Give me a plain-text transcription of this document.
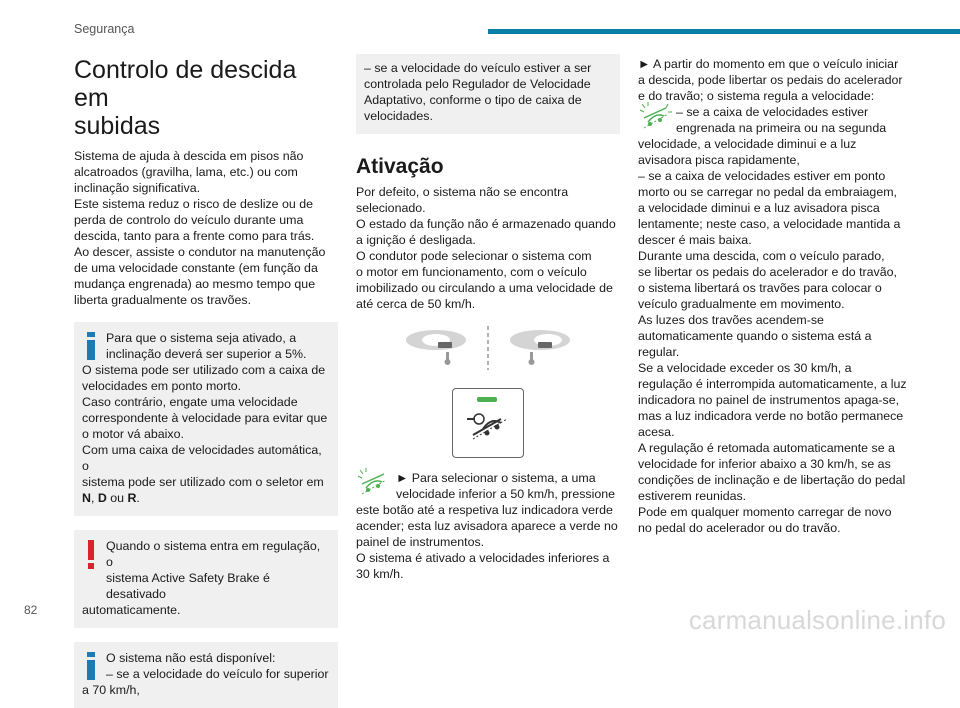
Segurança
Controlo de descida em
subidas
Sistema de ajuda à descida em pisos não
alcatroados (gravilha, lama, etc.) ou com
inclinação significativa.
Este sistema reduz o risco de deslize ou de
perda de controlo do veículo durante uma
descida, tanto para a frente como para trás.
Ao descer, assiste o condutor na manutenção
de uma velocidade constante (em função da
mudança engrenada) ao mesmo tempo que
liberta gradualmente os travões.
Para que o sistema seja ativado, a
inclinação deverá ser superior a 5%.
O sistema pode ser utilizado com a caixa de
velocidades em ponto morto.
Caso contrário, engate uma velocidade
correspondente à velocidade para evitar que
o motor vá abaixo.
Com uma caixa de velocidades automática, o
sistema pode ser utilizado com o seletor em
N, D ou R.
Quando o sistema entra em regulação, o
sistema Active Safety Brake é desativado
automaticamente.
O sistema não está disponível:
– se a velocidade do veículo for superior
a 70 km/h,
– se a velocidade do veículo estiver a ser
controlada pelo Regulador de Velocidade
Adaptativo, conforme o tipo de caixa de
velocidades.
Ativação
Por defeito, o sistema não se encontra
selecionado.
O estado da função não é armazenado quando
a ignição é desligada.
O condutor pode selecionar o sistema com
o motor em funcionamento, com o veículo
imobilizado ou circulando a uma velocidade de
até cerca de 50 km/h.
► Para selecionar o sistema, a uma
velocidade inferior a 50 km/h, pressione
este botão até a respetiva luz indicadora verde
acender; esta luz avisadora aparece a verde no
painel de instrumentos.
O sistema é ativado a velocidades inferiores a
30 km/h.
► A partir do momento em que o veículo iniciar
a descida, pode libertar os pedais do acelerador
e do travão; o sistema regula a velocidade:
– se a caixa de velocidades estiver
engrenada na primeira ou na segunda
velocidade, a velocidade diminui e a luz
avisadora pisca rapidamente,
– se a caixa de velocidades estiver em ponto
morto ou se carregar no pedal da embraiagem,
a velocidade diminui e a luz avisadora pisca
lentamente; neste caso, a velocidade mantida a
descer é mais baixa.
Durante uma descida, com o veículo parado,
se libertar os pedais do acelerador e do travão,
o sistema libertará os travões para colocar o
veículo gradualmente em movimento.
As luzes dos travões acendem-se
automaticamente quando o sistema está a
regular.
Se a velocidade exceder os 30 km/h, a
regulação é interrompida automaticamente, a luz
indicadora no painel de instrumentos apaga-se,
mas a luz indicadora verde no botão permanece
acesa.
A regulação é retomada automaticamente se a
velocidade for inferior abaixo a 30 km/h, se as
condições de inclinação e de libertação do pedal
estiverem reunidas.
Pode em qualquer momento carregar de novo
no pedal do acelerador ou do travão.
82	carmanualsonline.info
